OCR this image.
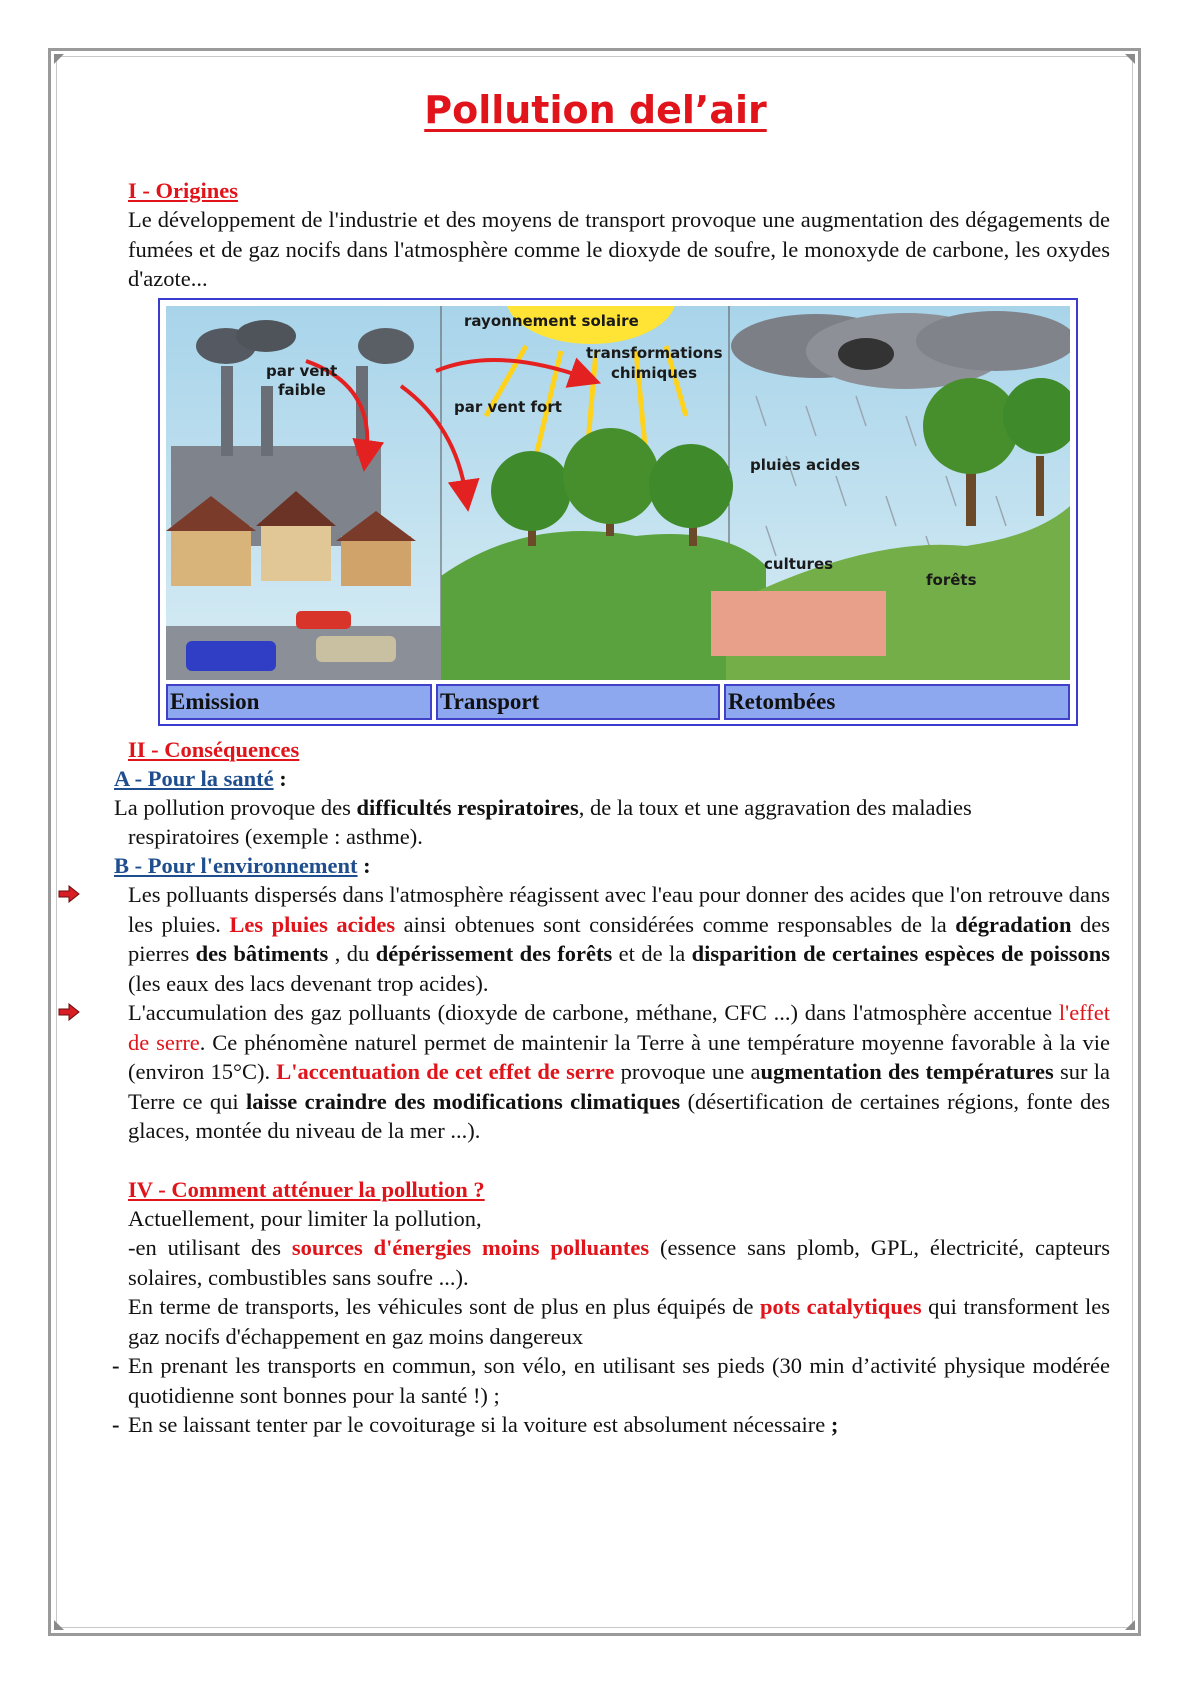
Pollution del’air
I - Origines
Le développement de l'industrie et des moyens de transport provoque une augmentation des dégagements de fumées et de gaz nocifs dans l'atmosphère comme le dioxyde de soufre, le monoxyde de carbone, les oxydes d'azote...
par vent
faible
rayonnement solaire
transformations
chimiques
par vent fort
pluies acides
cultures
forêts
Emission	Transport	Retombées
II - Conséquences
A - Pour la santé :
La pollution provoque des difficultés respiratoires, de la toux et une aggravation des maladies
respiratoires (exemple : asthme).
B - Pour l'environnement :
Les polluants dispersés dans l'atmosphère réagissent avec l'eau pour donner des acides que l'on retrouve dans les pluies. Les pluies acides ainsi obtenues sont considérées comme responsables de la dégradation des pierres des bâtiments , du dépérissement des forêts et de la disparition de certaines espèces de poissons (les eaux des lacs devenant trop acides).
L'accumulation des gaz polluants (dioxyde de carbone, méthane, CFC ...) dans l'atmosphère accentue l'effet de serre. Ce phénomène naturel permet de maintenir la Terre à une température moyenne favorable à la vie (environ 15°C). L'accentuation de cet effet de serre provoque une augmentation des températures sur la Terre ce qui laisse craindre des modifications climatiques (désertification de certaines régions, fonte des glaces, montée du niveau de la mer ...).
IV - Comment atténuer la pollution ?
Actuellement, pour limiter la pollution,
-en utilisant des sources d'énergies moins polluantes (essence sans plomb, GPL, électricité, capteurs solaires, combustibles sans soufre ...).
En terme de transports, les véhicules sont de plus en plus équipés de pots catalytiques qui transforment les gaz nocifs d'échappement en gaz moins dangereux
- En prenant les transports en commun, son vélo, en utilisant ses pieds (30 min d’activité physique modérée quotidienne sont bonnes pour la santé !) ;
- En se laissant tenter par le covoiturage si la voiture est absolument nécessaire ;
